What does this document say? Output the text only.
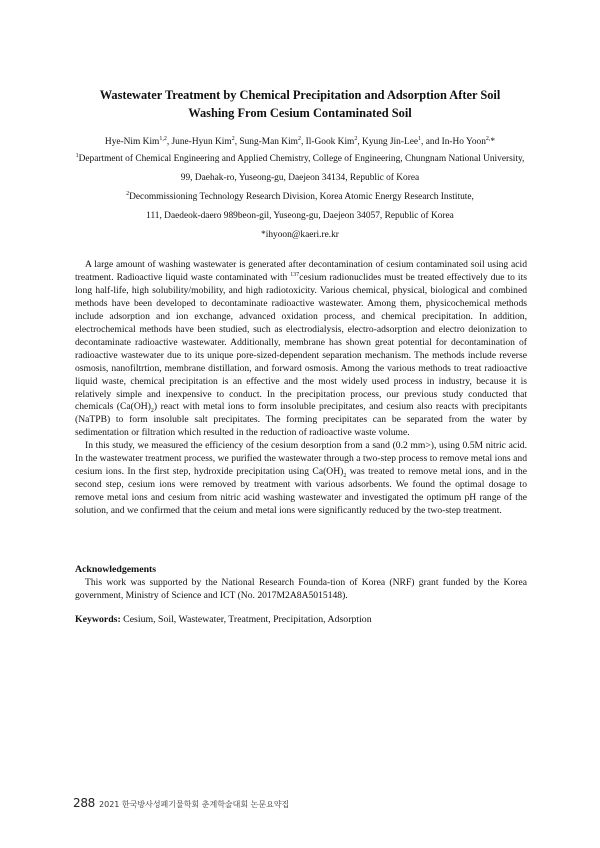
Wastewater Treatment by Chemical Precipitation and Adsorption After Soil
Washing From Cesium Contaminated Soil
Hye-Nim Kim$^{1,2}$, June-Hyun Kim$^2$, Sung-Man Kim$^2$, Il-Gook Kim$^2$, Kyung Jin-Lee$^1$, and In-Ho Yoon$^{2,}$*
$^1$Department of Chemical Engineering and Applied Chemistry, College of Engineering, Chungnam National University,
99, Daehak-ro, Yuseong-gu, Daejeon 34134, Republic of Korea
$^2$Decommissioning Technology Research Division, Korea Atomic Energy Research Institute,
111, Daedeok-daero 989beon-gil, Yuseong-gu, Daejeon 34057, Republic of Korea
*ihyoon@kaeri.re.kr

A large amount of washing wastewater is generated after decontamination of cesium contaminated soil using acid treatment. Radioactive liquid waste contaminated with $^{137}$cesium radionuclides must be treated effectively due to its long half-life, high solubility/mobility, and high radiotoxicity. Various chemical, physical, biological and combined methods have been developed to decontaminate radioactive wastewater. Among them, physicochemical methods include adsorption and ion exchange, advanced oxidation process, and chemical precipitation. In addition, electrochemical methods have been studied, such as electrodialysis, electro-adsorption and electro deionization to decontaminate radioactive wastewater. Additionally, membrane has shown great potential for decontamination of radioactive wastewater due to its unique pore-sized-dependent separation mechanism. The methods include reverse osmosis, nanofiltrtion, membrane distillation, and forward osmosis. Among the various methods to treat radioactive liquid waste, chemical precipitation is an effective and the most widely used process in industry, because it is relatively simple and inexpensive to conduct. In the precipitation process, our previous study conducted that chemicals $(Ca(OH)_2)$ react with metal ions to form insoluble precipitates, and cesium also reacts with precipitants (NaTPB) to form insoluble salt precipitates. The forming precipitates can be separated from the water by sedimentation or filtration which resulted in the reduction of radioactive waste volume.

In this study, we measured the efficiency of the cesium desorption from a sand (0.2 mm>), using 0.5M nitric acid. In the wastewater treatment process, we purified the wastewater through a two-step process to remove metal ions and cesium ions. In the first step, hydroxide precipitation using $Ca(OH)_2$ was treated to remove metal ions, and in the second step, cesium ions were removed by treatment with various adsorbents. We found the optimal dosage to remove metal ions and cesium from nitric acid washing wastewater and investigated the optimum pH range of the solution, and we confirmed that the ceium and metal ions were significantly reduced by the two-step treatment.

Acknowledgements
This work was supported by the National Research Founda-tion of Korea (NRF) grant funded by the Korea government, Ministry of Science and ICT (No. 2017M2A8A5015148).
Keywords: Cesium, Soil, Wastewater, Treatment, Precipitation, Adsorption
288 2021 한국방사성폐기물학회 춘계학술대회 논문요약집
